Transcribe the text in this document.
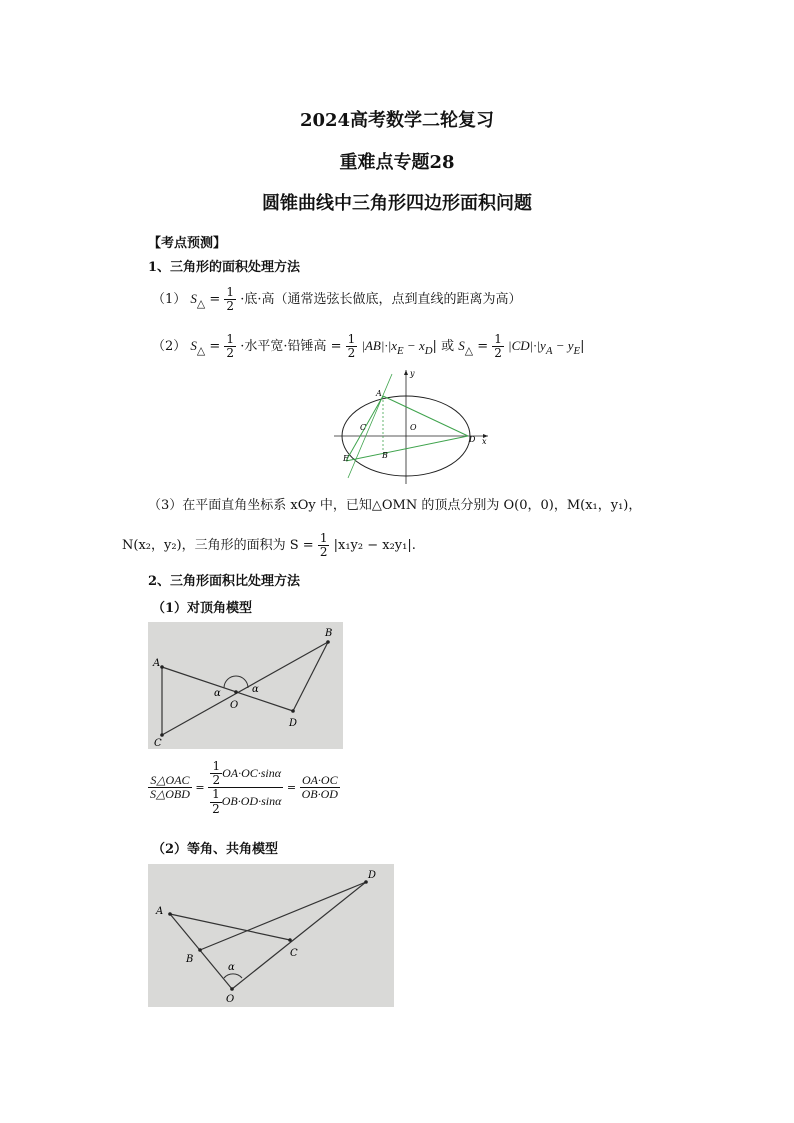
2024高考数学二轮复习
重难点专题28
圆锥曲线中三角形四边形面积问题
【考点预测】
1、三角形的面积处理方法
（1） $S_\triangle = \frac{1}{2}$ ·底·高（通常选弦长做底，点到直线的距离为高）
（2） $S_\triangle = \frac{1}{2}$ ·水平宽·铅锤高 = $\frac{1}{2} |AB|\cdot|x_E - x_D|$ 或 $S_\triangle = \frac{1}{2} |CD|\cdot|y_A - y_E|$
A
C	O
D
E	B
y
x
（3）在平面直角坐标系 xOy 中，已知△OMN 的顶点分别为 O(0，0)，M(x₁，y₁)，
N(x₂，y₂)，三角形的面积为 $S = \frac{1}{2} |x_1y_2 - x_2y_1|$.
2、三角形面积比处理方法
（1）对顶角模型
A
B
C
D
O
α	α
$\frac{\text{S△OAC}}{\text{S△OBD}} = \frac{\frac{1}{2} OA\cdot OC\cdot\sin\alpha}{\frac{1}{2} OB\cdot OD\cdot\sin\alpha} = \frac{OA\cdot OC}{OB\cdot OD}$
（2）等角、共角模型
A
B
C
D
O
α
